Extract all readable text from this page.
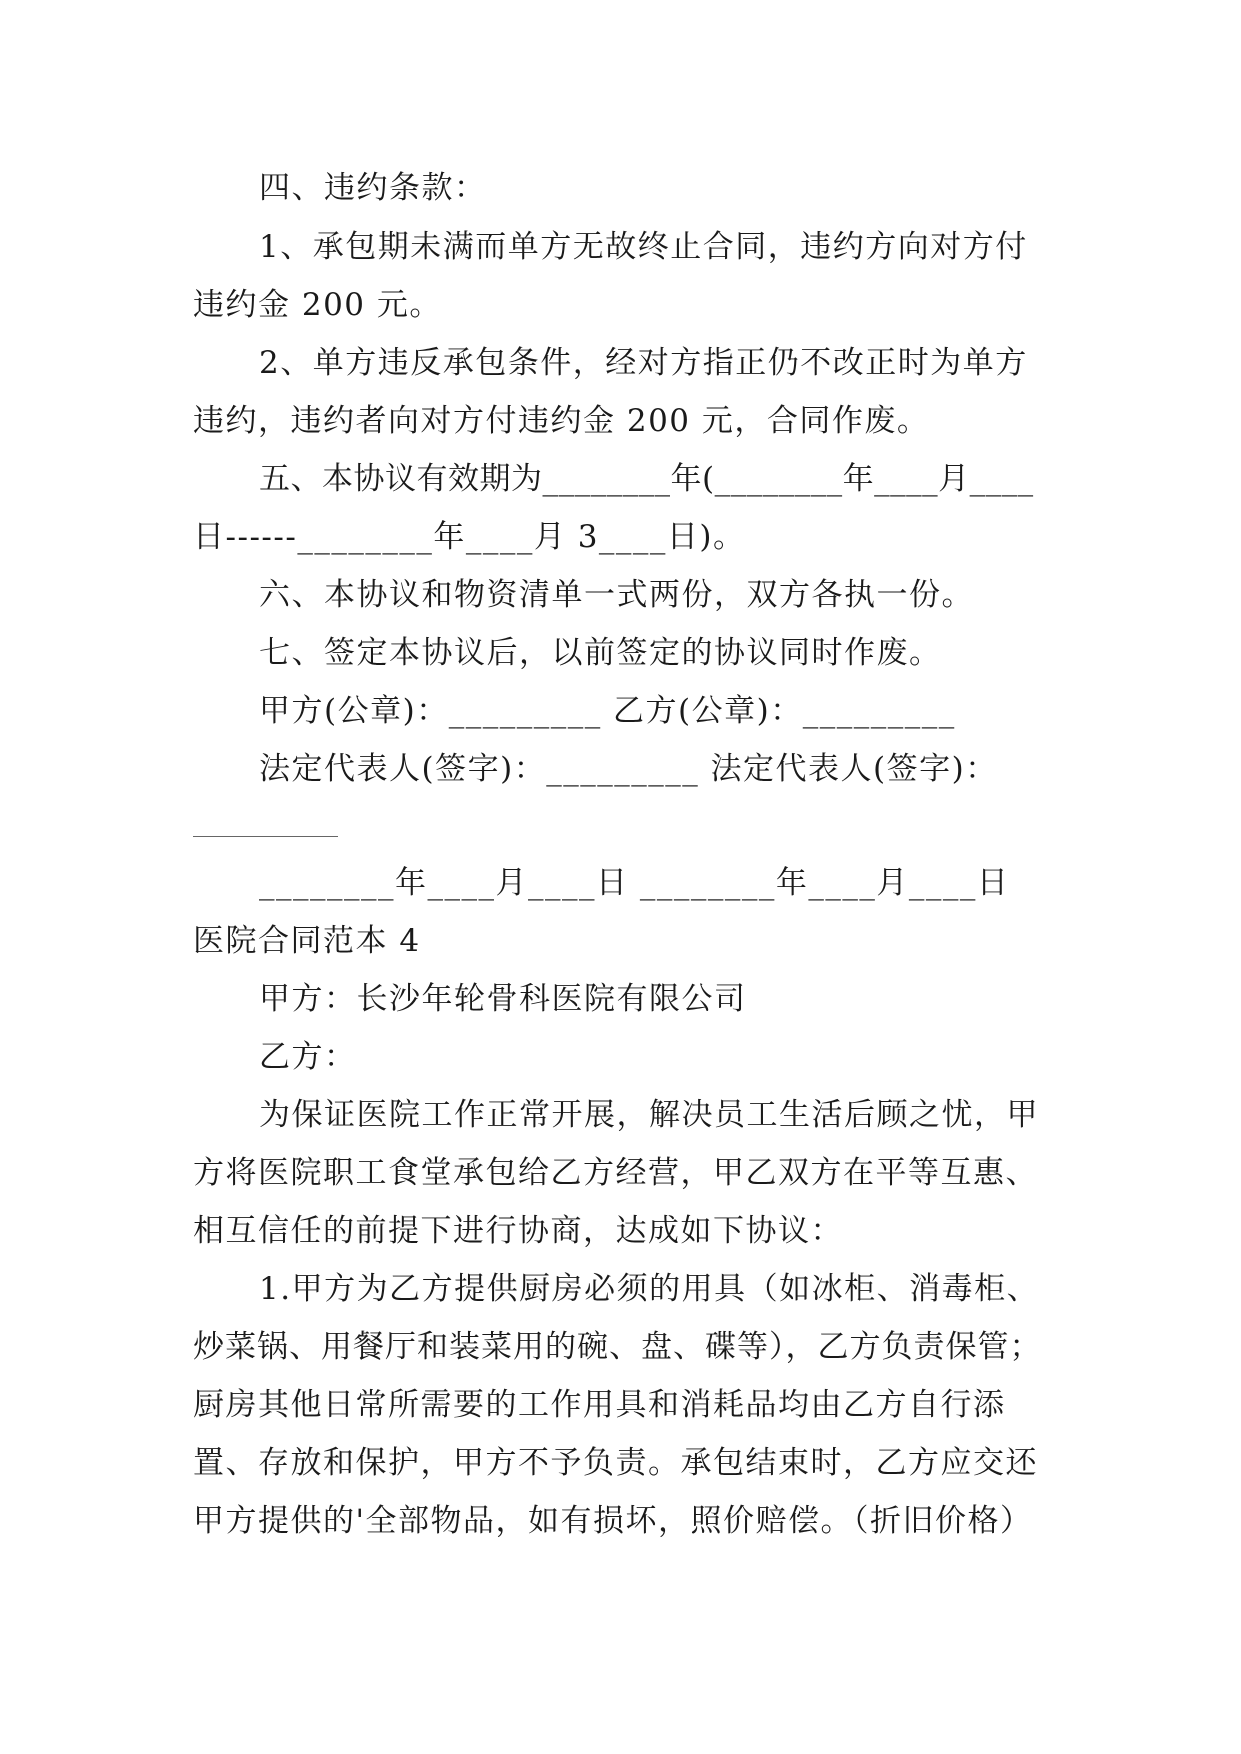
四、违约条款：
1、承包期未满而单方无故终止合同，违约方向对方付
违约金 200 元。
2、单方违反承包条件，经对方指正仍不改正时为单方
违约，违约者向对方付违约金 200 元，合同作废。
五、本协议有效期为________年(________年____月____
日------________年____月 3____日)。
六、本协议和物资清单一式两份，双方各执一份。
七、签定本协议后，以前签定的协议同时作废。
甲方(公章)：_________ 乙方(公章)：_________
法定代表人(签字)：_________ 法定代表人(签字)：
________年____月____日 ________年____月____日
医院合同范本 4
甲方：长沙年轮骨科医院有限公司
乙方：
为保证医院工作正常开展，解决员工生活后顾之忧，甲
方将医院职工食堂承包给乙方经营，甲乙双方在平等互惠、
相互信任的前提下进行协商，达成如下协议：
1.甲方为乙方提供厨房必须的用具（如冰柜、消毒柜、
炒菜锅、用餐厅和装菜用的碗、盘、碟等），乙方负责保管；
厨房其他日常所需要的工作用具和消耗品均由乙方自行添
置、存放和保护，甲方不予负责。承包结束时，乙方应交还
甲方提供的'全部物品，如有损坏，照价赔偿。（折旧价格）
